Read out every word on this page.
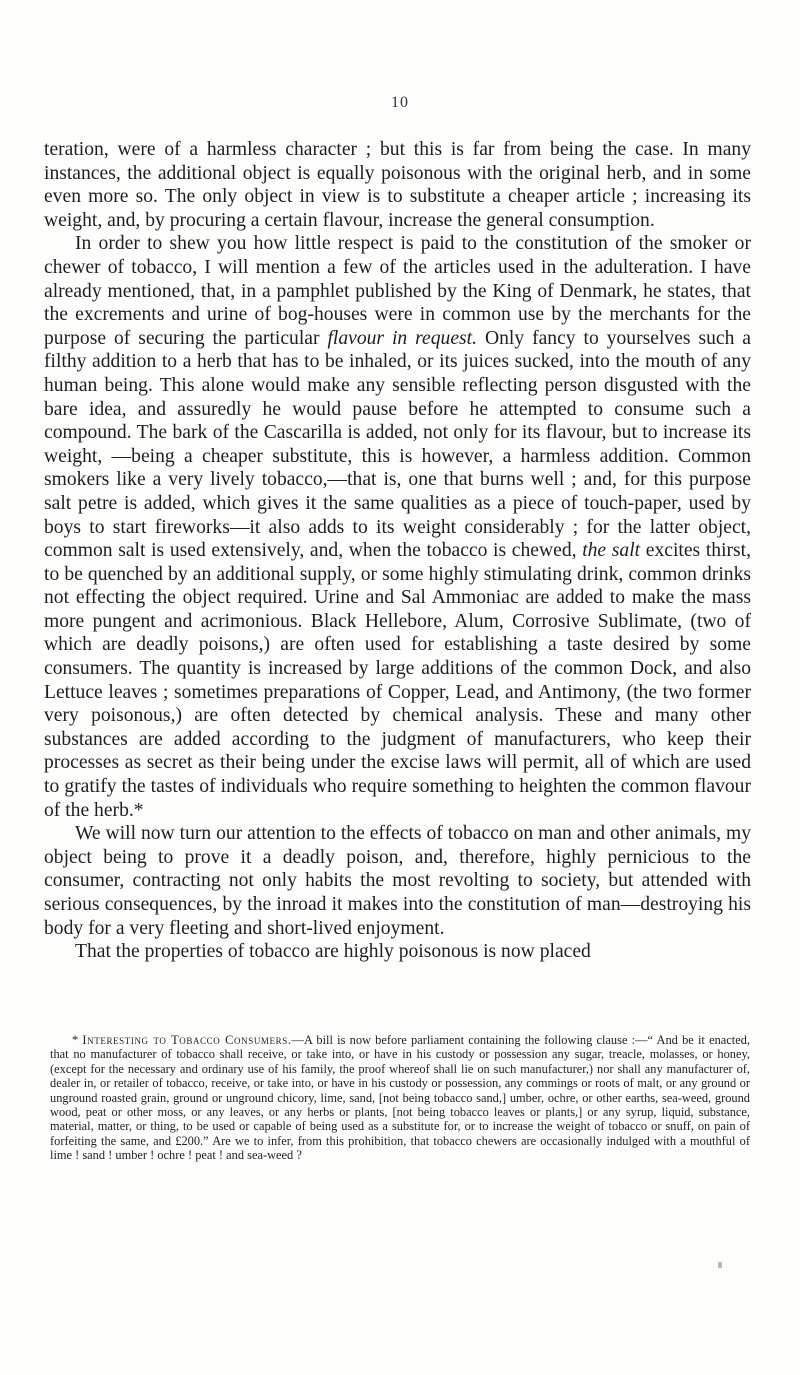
10

teration, were of a harmless character ; but this is far from being the case. In many instances, the additional object is equally poisonous with the original herb, and in some even more so. The only object in view is to substitute a cheaper article ; increasing its weight, and, by procuring a certain flavour, increase the general consumption.

In order to shew you how little respect is paid to the constitution of the smoker or chewer of tobacco, I will mention a few of the articles used in the adulteration. I have already mentioned, that, in a pamphlet published by the King of Denmark, he states, that the excrements and urine of bog-houses were in common use by the merchants for the purpose of securing the particular flavour in request. Only fancy to yourselves such a filthy addition to a herb that has to be inhaled, or its juices sucked, into the mouth of any human being. This alone would make any sensible reflecting person disgusted with the bare idea, and assuredly he would pause before he attempted to consume such a compound. The bark of the Cascarilla is added, not only for its flavour, but to increase its weight, —being a cheaper substitute, this is however, a harmless addition. Common smokers like a very lively tobacco,—that is, one that burns well ; and, for this purpose salt petre is added, which gives it the same qualities as a piece of touch-paper, used by boys to start fireworks—it also adds to its weight considerably ; for the latter object, common salt is used extensively, and, when the tobacco is chewed, the salt excites thirst, to be quenched by an additional supply, or some highly stimulating drink, common drinks not effecting the object required. Urine and Sal Ammoniac are added to make the mass more pungent and acrimonious. Black Hellebore, Alum, Corrosive Sublimate, (two of which are deadly poisons,) are often used for establishing a taste desired by some consumers. The quantity is increased by large additions of the common Dock, and also Lettuce leaves ; sometimes preparations of Copper, Lead, and Antimony, (the two former very poisonous,) are often detected by chemical analysis. These and many other substances are added according to the judgment of manufacturers, who keep their processes as secret as their being under the excise laws will permit, all of which are used to gratify the tastes of individuals who require something to heighten the common flavour of the herb.*

We will now turn our attention to the effects of tobacco on man and other animals, my object being to prove it a deadly poison, and, therefore, highly pernicious to the consumer, contracting not only habits the most revolting to society, but attended with serious consequences, by the inroad it makes into the constitution of man—destroying his body for a very fleeting and short-lived enjoyment.

That the properties of tobacco are highly poisonous is now placed

* Interesting to Tobacco Consumers.—A bill is now before parliament containing the following clause :—“ And be it enacted, that no manufacturer of tobacco shall receive, or take into, or have in his custody or possession any sugar, treacle, molasses, or honey, (except for the necessary and ordinary use of his family, the proof whereof shall lie on such manufacturer,) nor shall any manufacturer of, dealer in, or retailer of tobacco, receive, or take into, or have in his custody or possession, any commings or roots of malt, or any ground or unground roasted grain, ground or unground chicory, lime, sand, [not being tobacco sand,] umber, ochre, or other earths, sea-weed, ground wood, peat or other moss, or any leaves, or any herbs or plants, [not being tobacco leaves or plants,] or any syrup, liquid, substance, material, matter, or thing, to be used or capable of being used as a substitute for, or to increase the weight of tobacco or snuff, on pain of forfeiting the same, and £200.” Are we to infer, from this prohibition, that tobacco chewers are occasionally indulged with a mouthful of lime ! sand ! umber ! ochre ! peat ! and sea-weed ?
